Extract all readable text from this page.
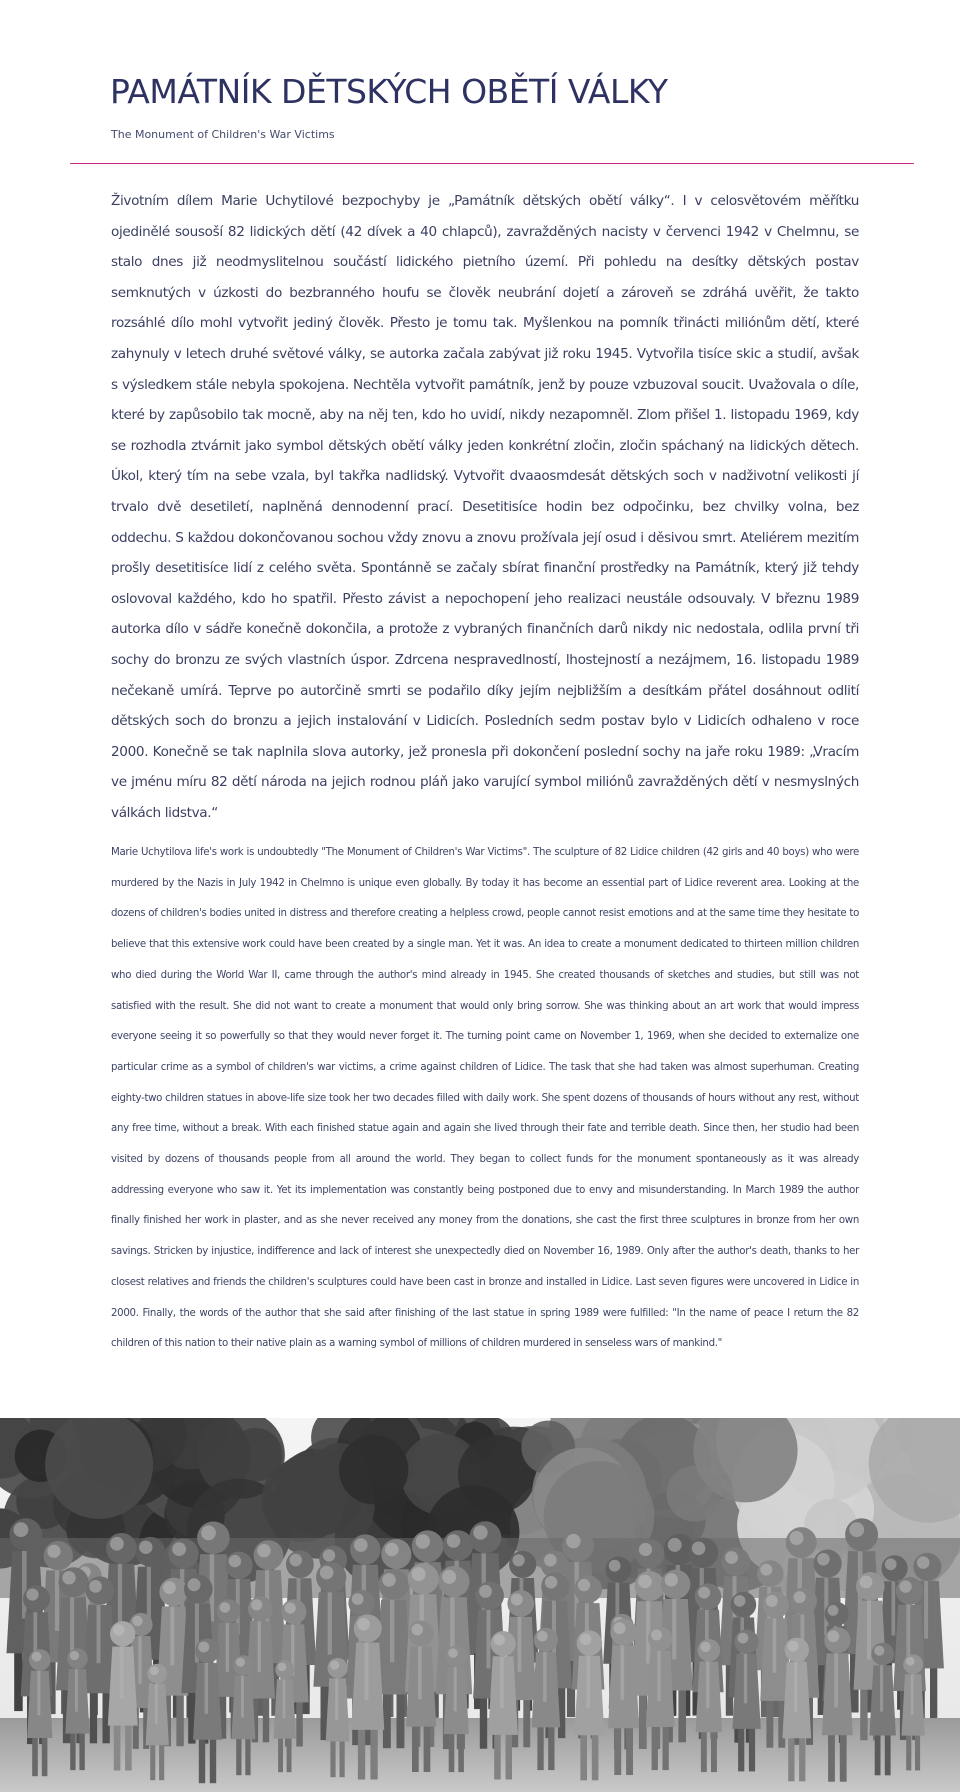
PAMÁTNÍK DĚTSKÝCH OBĚTÍ VÁLKY

The Monument of Children's War Victims

Životním dílem Marie Uchytilové bezpochyby je „Památník dětských obětí války“. I v celosvětovém měřítku ojedinělé sousoší 82 lidických dětí (42 dívek a 40 chlapců), zavražděných nacisty v červenci 1942 v Chelmnu, se stalo dnes již neodmyslitelnou součástí lidického pietního území. Při pohledu na desítky dětských postav semknutých v úzkosti do bezbranného houfu se člověk neubrání dojetí a zároveň se zdráhá uvěřit, že takto rozsáhlé dílo mohl vytvořit jediný člověk. Přesto je tomu tak. Myšlenkou na pomník třinácti miliónům dětí, které zahynuly v letech druhé světové války, se autorka začala zabývat již roku 1945. Vytvořila tisíce skic a studií, avšak s výsledkem stále nebyla spokojena. Nechtěla vytvořit památník, jenž by pouze vzbuzoval soucit. Uvažovala o díle, které by zapůsobilo tak mocně, aby na něj ten, kdo ho uvidí, nikdy nezapomněl. Zlom přišel 1. listopadu 1969, kdy se rozhodla ztvárnit jako symbol dětských obětí války jeden konkrétní zločin, zločin spáchaný na lidických dětech. Úkol, který tím na sebe vzala, byl takřka nadlidský. Vytvořit dvaaosmdesát dětských soch v nadživotní velikosti jí trvalo dvě desetiletí, naplněná dennodenní prací. Desetitisíce hodin bez odpočinku, bez chvilky volna, bez oddechu. S každou dokončovanou sochou vždy znovu a znovu prožívala její osud i děsivou smrt. Ateliérem mezitím prošly desetitisíce lidí z celého světa. Spontánně se začaly sbírat finanční prostředky na Památník, který již tehdy oslovoval každého, kdo ho spatřil. Přesto závist a nepochopení jeho realizaci neustále odsouvaly. V březnu 1989 autorka dílo v sádře konečně dokončila, a protože z vybraných finančních darů nikdy nic nedostala, odlila první tři sochy do bronzu ze svých vlastních úspor. Zdrcena nespravedlností, lhostejností a nezájmem, 16. listopadu 1989 nečekaně umírá. Teprve po autorčině smrti se podařilo díky jejím nejbližším a desítkám přátel dosáhnout odlití dětských soch do bronzu a jejich instalování v Lidicích. Posledních sedm postav bylo v Lidicích odhaleno v roce 2000. Konečně se tak naplnila slova autorky, jež pronesla při dokončení poslední sochy na jaře roku 1989: „Vracím ve jménu míru 82 dětí národa na jejich rodnou pláň jako varující symbol miliónů zavražděných dětí v nesmyslných válkách lidstva.“

Marie Uchytilova life's work is undoubtedly "The Monument of Children's War Victims". The sculpture of 82 Lidice children (42 girls and 40 boys) who were murdered by the Nazis in July 1942 in Chelmno is unique even globally. By today it has become an essential part of Lidice reverent area. Looking at the dozens of children's bodies united in distress and therefore creating a helpless crowd, people cannot resist emotions and at the same time they hesitate to believe that this extensive work could have been created by a single man. Yet it was. An idea to create a monument dedicated to thirteen million children who died during the World War II, came through the author's mind already in 1945. She created thousands of sketches and studies, but still was not satisfied with the result. She did not want to create a monument that would only bring sorrow. She was thinking about an art work that would impress everyone seeing it so powerfully so that they would never forget it. The turning point came on November 1, 1969, when she decided to externalize one particular crime as a symbol of children's war victims, a crime against children of Lidice. The task that she had taken was almost superhuman. Creating eighty-two children statues in above-life size took her two decades filled with daily work. She spent dozens of thousands of hours without any rest, without any free time, without a break. With each finished statue again and again she lived through their fate and terrible death. Since then, her studio had been visited by dozens of thousands people from all around the world. They began to collect funds for the monument spontaneously as it was already addressing everyone who saw it. Yet its implementation was constantly being postponed due to envy and misunderstanding. In March 1989 the author finally finished her work in plaster, and as she never received any money from the donations, she cast the first three sculptures in bronze from her own savings. Stricken by injustice, indifference and lack of interest she unexpectedly died on November 16, 1989. Only after the author's death, thanks to her closest relatives and friends the children's sculptures could have been cast in bronze and installed in Lidice. Last seven figures were uncovered in Lidice in 2000. Finally, the words of the author that she said after finishing of the last statue in spring 1989 were fulfilled: "In the name of peace I return the 82 children of this nation to their native plain as a warning symbol of millions of children murdered in senseless wars of mankind."
